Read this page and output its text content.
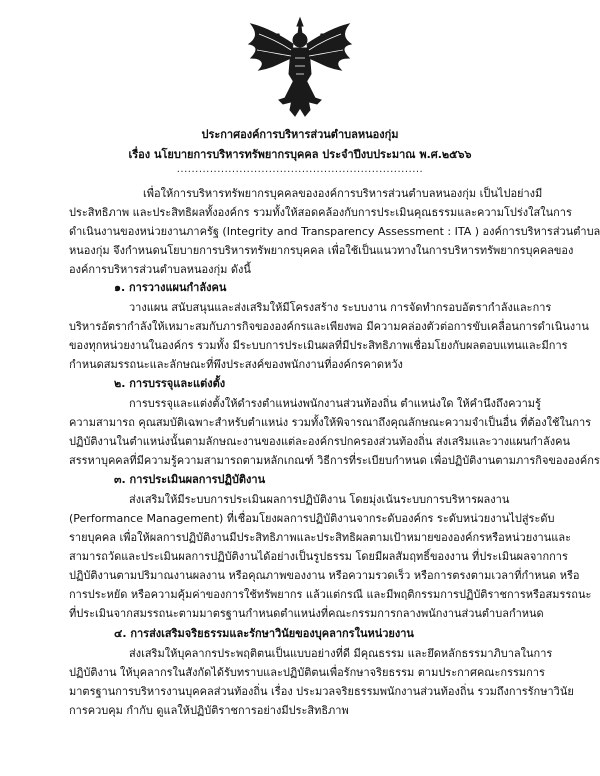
ประกาศองค์การบริหารส่วนตำบลหนองกุ่ม
เรื่อง นโยบายการบริหารทรัพยากรบุคคล ประจำปีงบประมาณ พ.ศ.๒๕๖๖
...................................................................
เพื่อให้การบริหารทรัพยากรบุคคลขององค์การบริหารส่วนตำบลหนองกุ่ม เป็นไปอย่างมี
ประสิทธิภาพ และประสิทธิผลทั้งองค์กร รวมทั้งให้สอดคล้องกับการประเมินคุณธรรมและความโปร่งใสในการ
ดำเนินงานของหน่วยงานภาครัฐ (Integrity and Transparency Assessment : ITA ) องค์การบริหารส่วนตำบล
หนองกุ่ม จึงกำหนดนโยบายการบริหารทรัพยากรบุคคล เพื่อใช้เป็นแนวทางในการบริหารทรัพยากรบุคคลของ
องค์การบริหารส่วนตำบลหนองกุ่ม ดังนี้
๑. การวางแผนกำลังคน
วางแผน สนับสนุนและส่งเสริมให้มีโครงสร้าง ระบบงาน การจัดทำกรอบอัตรากำลังและการ
บริหารอัตรากำลังให้เหมาะสมกับภารกิจขององค์กรและเพียงพอ มีความคล่องตัวต่อการขับเคลื่อนการดำเนินงาน
ของทุกหน่วยงานในองค์กร รวมทั้ง มีระบบการประเมินผลที่มีประสิทธิภาพเชื่อมโยงกับผลตอบแทนและมีการ
กำหนดสมรรถนะและลักษณะที่พึงประสงค์ของพนักงานที่องค์กรคาดหวัง
๒. การบรรจุและแต่งตั้ง
การบรรจุและแต่งตั้งให้ดำรงตำแหน่งพนักงานส่วนท้องถิ่น ตำแหน่งใด ให้คำนึงถึงความรู้
ความสามารถ คุณสมบัติเฉพาะสำหรับตำแหน่ง รวมทั้งให้พิจารณาถึงคุณลักษณะความจำเป็นอื่น ที่ต้องใช้ในการ
ปฏิบัติงานในตำแหน่งนั้นตามลักษณะงานของแต่ละองค์กรปกครองส่วนท้องถิ่น ส่งเสริมและวางแผนกำลังคน
สรรหาบุคคลที่มีความรู้ความสามารถตามหลักเกณฑ์ วิธีการที่ระเบียบกำหนด เพื่อปฏิบัติงานตามภารกิจขององค์กร
๓. การประเมินผลการปฏิบัติงาน
ส่งเสริมให้มีระบบการประเมินผลการปฏิบัติงาน โดยมุ่งเน้นระบบการบริหารผลงาน
(Performance Management) ที่เชื่อมโยงผลการปฏิบัติงานจากระดับองค์กร ระดับหน่วยงานไปสู่ระดับ
รายบุคคล เพื่อให้ผลการปฏิบัติงานมีประสิทธิภาพและประสิทธิผลตามเป้าหมายขององค์กรหรือหน่วยงานและ
สามารถวัดและประเมินผลการปฏิบัติงานได้อย่างเป็นรูปธรรม โดยมีผลสัมฤทธิ์ของงาน ที่ประเมินผลจากการ
ปฏิบัติงานตามปริมาณงานผลงาน หรือคุณภาพของงาน หรือความรวดเร็ว หรือการตรงตามเวลาที่กำหนด หรือ
การประหยัด หรือความคุ้มค่าของการใช้ทรัพยากร แล้วแต่กรณี และมีพฤติกรรมการปฏิบัติราชการหรือสมรรถนะ
ที่ประเมินจากสมรรถนะตามมาตรฐานกำหนดตำแหน่งที่คณะกรรมการกลางพนักงานส่วนตำบลกำหนด
๔. การส่งเสริมจริยธรรมและรักษาวินัยของบุคลากรในหน่วยงาน
ส่งเสริมให้บุคลากรประพฤติตนเป็นแบบอย่างที่ดี มีคุณธรรม และยึดหลักธรรมาภิบาลในการ
ปฏิบัติงาน ให้บุคลากรในสังกัดได้รับทราบและปฏิบัติตนเพื่อรักษาจริยธรรม ตามประกาศคณะกรรมการ
มาตรฐานการบริหารงานบุคคลส่วนท้องถิ่น เรื่อง ประมวลจริยธรรมพนักงานส่วนท้องถิ่น รวมถึงการรักษาวินัย
การควบคุม กำกับ ดูแลให้ปฏิบัติราชการอย่างมีประสิทธิภาพ
